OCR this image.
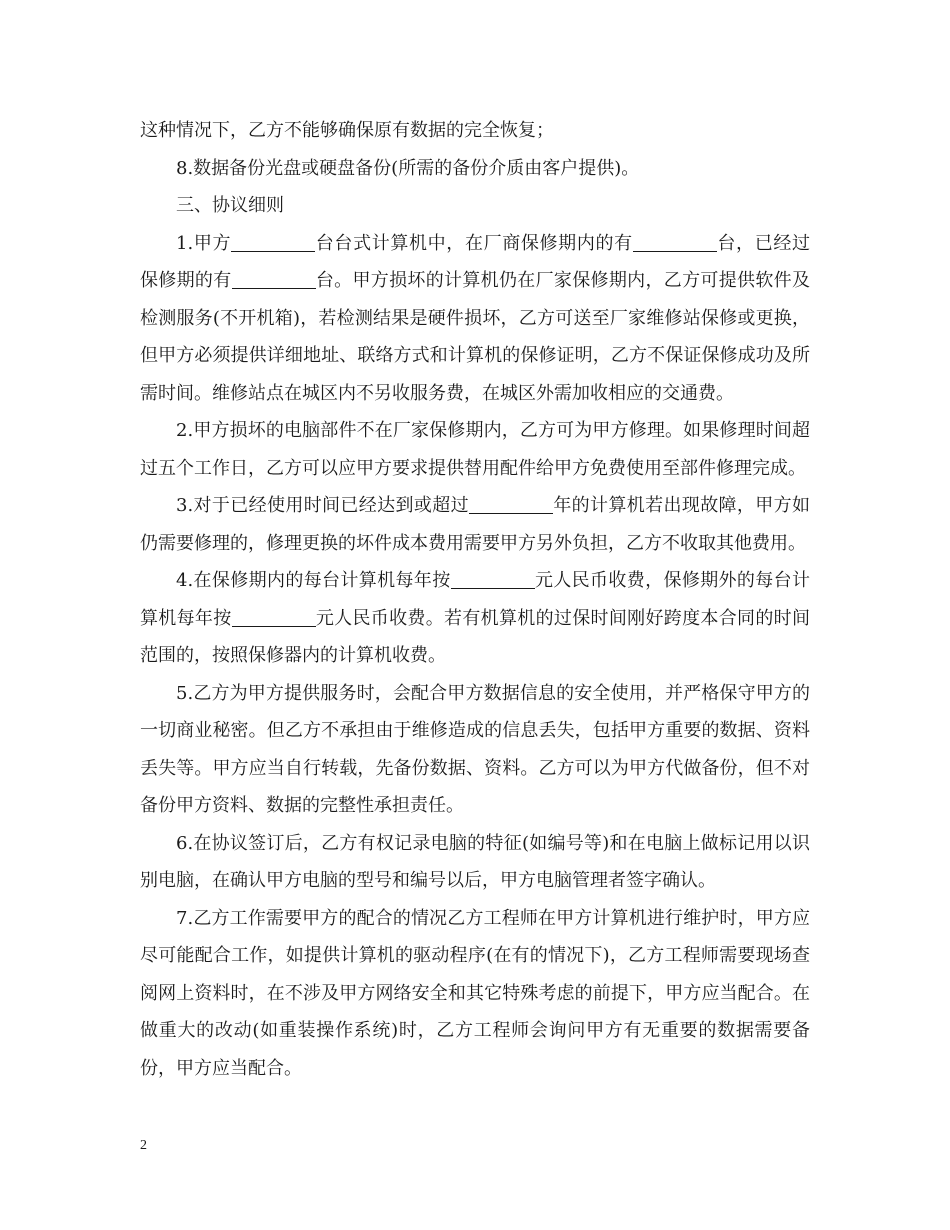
这种情况下，乙方不能够确保原有数据的完全恢复；

8.数据备份光盘或硬盘备份(所需的备份介质由客户提供)。

三、协议细则

1.甲方	台台式计算机中，在厂商保修期内的有	台，已经过保修期的有	台。甲方损坏的计算机仍在厂家保修期内，乙方可提供软件及检测服务(不开机箱)，若检测结果是硬件损坏，乙方可送至厂家维修站保修或更换，但甲方必须提供详细地址、联络方式和计算机的保修证明，乙方不保证保修成功及所需时间。维修站点在城区内不另收服务费，在城区外需加收相应的交通费。

2.甲方损坏的电脑部件不在厂家保修期内，乙方可为甲方修理。如果修理时间超过五个工作日，乙方可以应甲方要求提供替用配件给甲方免费使用至部件修理完成。

3.对于已经使用时间已经达到或超过	年的计算机若出现故障，甲方如仍需要修理的，修理更换的坏件成本费用需要甲方另外负担，乙方不收取其他费用。

4.在保修期内的每台计算机每年按	元人民币收费，保修期外的每台计算机每年按	元人民币收费。若有机算机的过保时间刚好跨度本合同的时间范围的，按照保修器内的计算机收费。

5.乙方为甲方提供服务时，会配合甲方数据信息的安全使用，并严格保守甲方的一切商业秘密。但乙方不承担由于维修造成的信息丢失，包括甲方重要的数据、资料丢失等。甲方应当自行转载，先备份数据、资料。乙方可以为甲方代做备份，但不对备份甲方资料、数据的完整性承担责任。

6.在协议签订后，乙方有权记录电脑的特征(如编号等)和在电脑上做标记用以识别电脑，在确认甲方电脑的型号和编号以后，甲方电脑管理者签字确认。

7.乙方工作需要甲方的配合的情况乙方工程师在甲方计算机进行维护时，甲方应尽可能配合工作，如提供计算机的驱动程序(在有的情况下)，乙方工程师需要现场查阅网上资料时，在不涉及甲方网络安全和其它特殊考虑的前提下，甲方应当配合。在做重大的改动(如重装操作系统)时，乙方工程师会询问甲方有无重要的数据需要备份，甲方应当配合。

2
